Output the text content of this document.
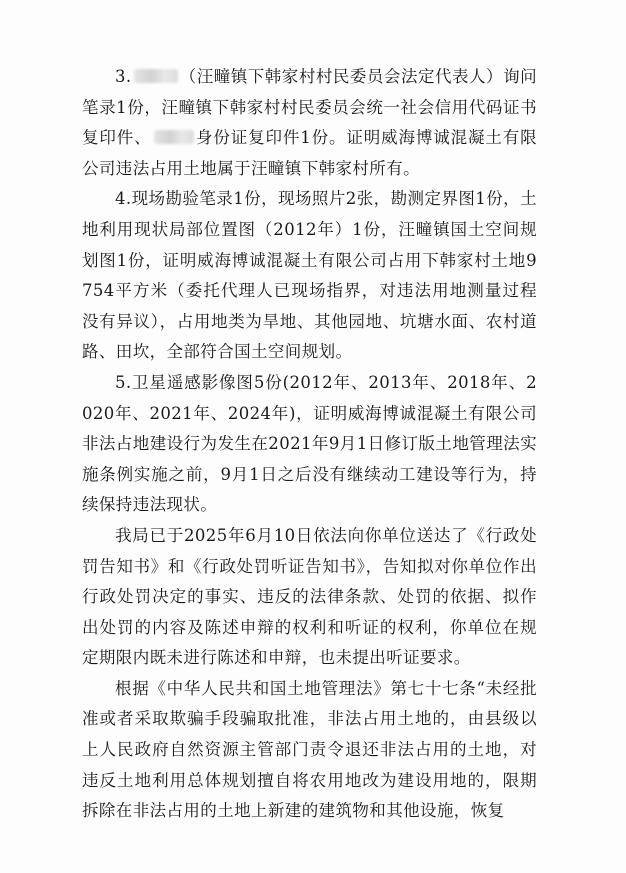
3.	（汪疃镇下韩家村村民委员会法定代表人）询问笔录1份，汪疃镇下韩家村村民委员会统一社会信用代码证书复印件、	身份证复印件1份。证明威海博诚混凝土有限公司违法占用土地属于汪疃镇下韩家村所有。

4.现场勘验笔录1份，现场照片2张，勘测定界图1份，土地利用现状局部位置图（2012年）1份，汪疃镇国土空间规划图1份，证明威海博诚混凝土有限公司占用下韩家村土地9754平方米（委托代理人已现场指界，对违法用地测量过程没有异议），占用地类为旱地、其他园地、坑塘水面、农村道路、田坎，全部符合国土空间规划。

5.卫星遥感影像图5份(2012年、2013年、2018年、2020年、2021年、2024年)，证明威海博诚混凝土有限公司非法占地建设行为发生在2021年9月1日修订版土地管理法实施条例实施之前，9月1日之后没有继续动工建设等行为，持续保持违法现状。

我局已于2025年6月10日依法向你单位送达了《行政处罚告知书》和《行政处罚听证告知书》，告知拟对你单位作出行政处罚决定的事实、违反的法律条款、处罚的依据、拟作出处罚的内容及陈述申辩的权利和听证的权利，你单位在规定期限内既未进行陈述和申辩，也未提出听证要求。

根据《中华人民共和国土地管理法》第七十七条“未经批准或者采取欺骗手段骗取批准，非法占用土地的，由县级以上人民政府自然资源主管部门责令退还非法占用的土地，对违反土地利用总体规划擅自将农用地改为建设用地的，限期拆除在非法占用的土地上新建的建筑物和其他设施，恢复
